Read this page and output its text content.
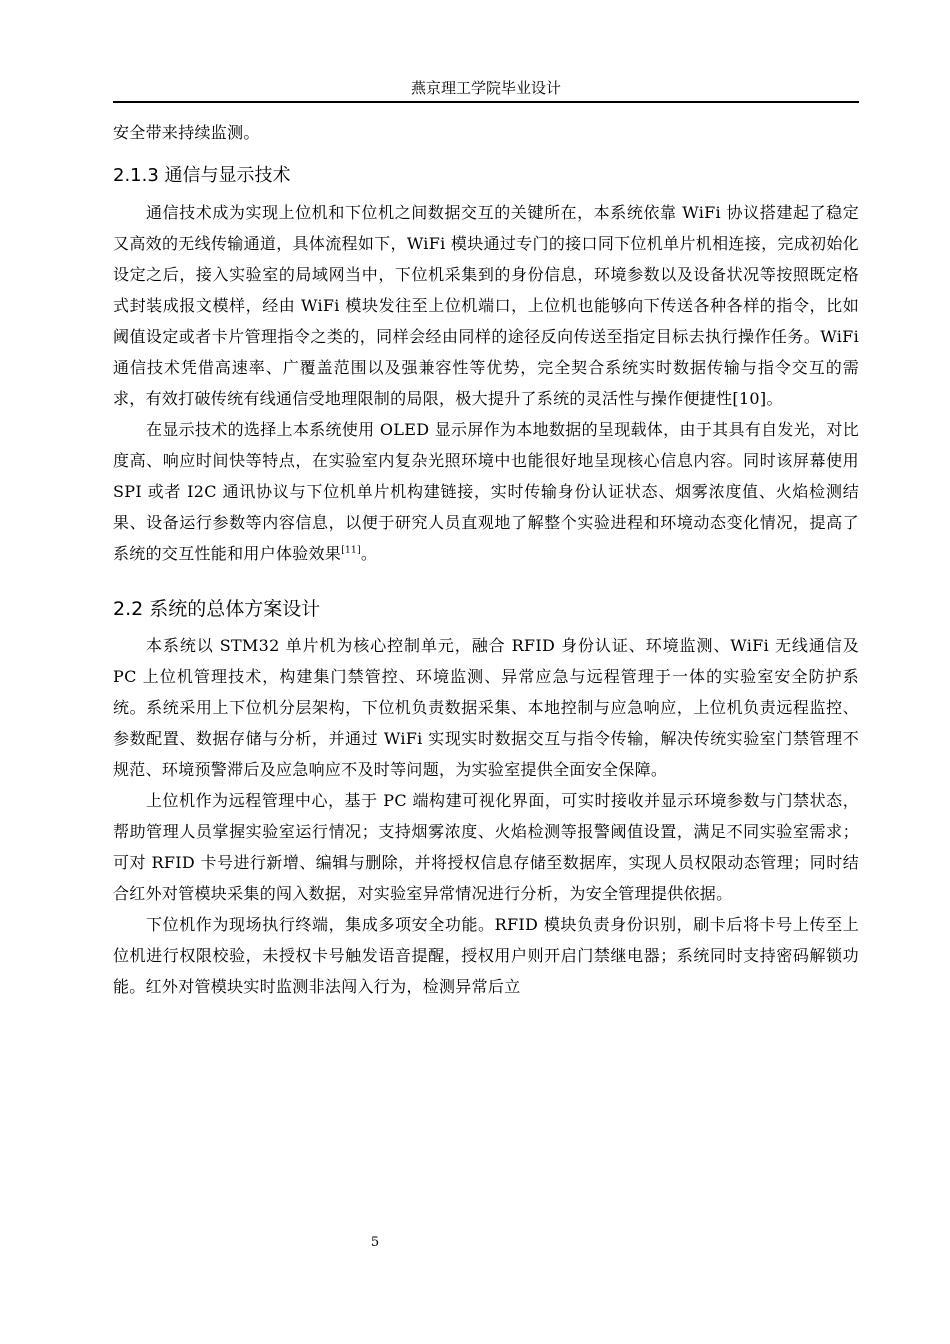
燕京理工学院毕业设计

安全带来持续监测。

2.1.3 通信与显示技术

通信技术成为实现上位机和下位机之间数据交互的关键所在，本系统依靠 WiFi 协议搭建起了稳定又高效的无线传输通道，具体流程如下，WiFi 模块通过专门的接口同下位机单片机相连接，完成初始化设定之后，接入实验室的局域网当中，下位机采集到的身份信息，环境参数以及设备状况等按照既定格式封装成报文模样，经由 WiFi 模块发往至上位机端口，上位机也能够向下传送各种各样的指令，比如阈值设定或者卡片管理指令之类的，同样会经由同样的途径反向传送至指定目标去执行操作任务。WiFi 通信技术凭借高速率、广覆盖范围以及强兼容性等优势，完全契合系统实时数据传输与指令交互的需求，有效打破传统有线通信受地理限制的局限，极大提升了系统的灵活性与操作便捷性[10]。

在显示技术的选择上本系统使用 OLED 显示屏作为本地数据的呈现载体，由于其具有自发光，对比度高、响应时间快等特点，在实验室内复杂光照环境中也能很好地呈现核心信息内容。同时该屏幕使用 SPI 或者 I2C 通讯协议与下位机单片机构建链接，实时传输身份认证状态、烟雾浓度值、火焰检测结果、设备运行参数等内容信息，以便于研究人员直观地了解整个实验进程和环境动态变化情况，提高了系统的交互性能和用户体验效果[11]。

2.2 系统的总体方案设计

本系统以 STM32 单片机为核心控制单元，融合 RFID 身份认证、环境监测、WiFi 无线通信及 PC 上位机管理技术，构建集门禁管控、环境监测、异常应急与远程管理于一体的实验室安全防护系统。系统采用上下位机分层架构，下位机负责数据采集、本地控制与应急响应，上位机负责远程监控、参数配置、数据存储与分析，并通过 WiFi 实现实时数据交互与指令传输，解决传统实验室门禁管理不规范、环境预警滞后及应急响应不及时等问题，为实验室提供全面安全保障。

上位机作为远程管理中心，基于 PC 端构建可视化界面，可实时接收并显示环境参数与门禁状态，帮助管理人员掌握实验室运行情况；支持烟雾浓度、火焰检测等报警阈值设置，满足不同实验室需求；可对 RFID 卡号进行新增、编辑与删除，并将授权信息存储至数据库，实现人员权限动态管理；同时结合红外对管模块采集的闯入数据，对实验室异常情况进行分析，为安全管理提供依据。

下位机作为现场执行终端，集成多项安全功能。RFID 模块负责身份识别，刷卡后将卡号上传至上位机进行权限校验，未授权卡号触发语音提醒，授权用户则开启门禁继电器；系统同时支持密码解锁功能。红外对管模块实时监测非法闯入行为，检测异常后立

5
